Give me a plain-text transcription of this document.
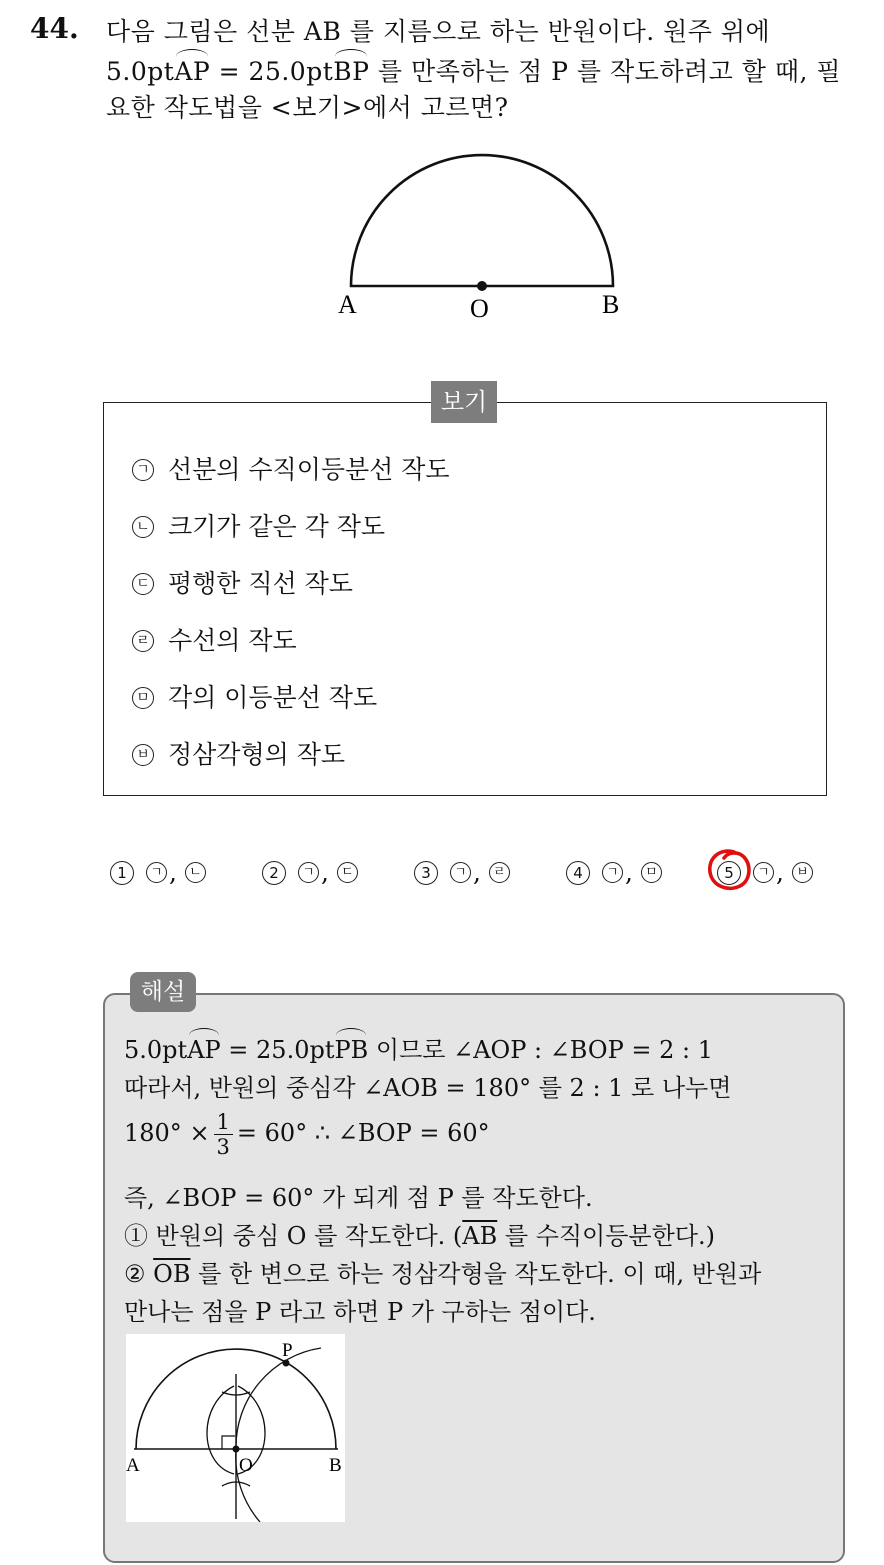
44. 다음 그림은 선분 AB 를 지름으로 하는 반원이다. 원주 위에
5.0ptAP = 25.0ptBP 를 만족하는 점 P 를 작도하려고 할 때, 필
요한 작도법을 <보기>에서 고르면?
A	O	B
보기
ㄱ 선분의 수직이등분선 작도
ㄴ 크기가 같은 각 작도
ㄷ 평행한 직선 작도
ㄹ 수선의 작도
ㅁ 각의 이등분선 작도
ㅂ 정삼각형의 작도
1 ㄱ , ㄴ	2 ㄱ , ㄷ	3 ㄱ , ㄹ	4 ㄱ , ㅁ	5 ㄱ , ㅂ
해설
5.0ptAP = 25.0ptPB 이므로 ∠AOP : ∠BOP = 2 : 1
따라서, 반원의 중심각 ∠AOB = 180° 를 2 : 1 로 나누면
$180^\circ \times \frac{1}{3} = 60^\circ$ ∴ ∠BOP = 60°
즉, ∠BOP = 60° 가 되게 점 P 를 작도한다.
① 반원의 중심 O 를 작도한다. ($\overline{AB}$ 를 수직이등분한다.)
② $\overline{OB}$ 를 한 변으로 하는 정삼각형을 작도한다. 이 때, 반원과
만나는 점을 P 라고 하면 P 가 구하는 점이다.
P
A	O	B
